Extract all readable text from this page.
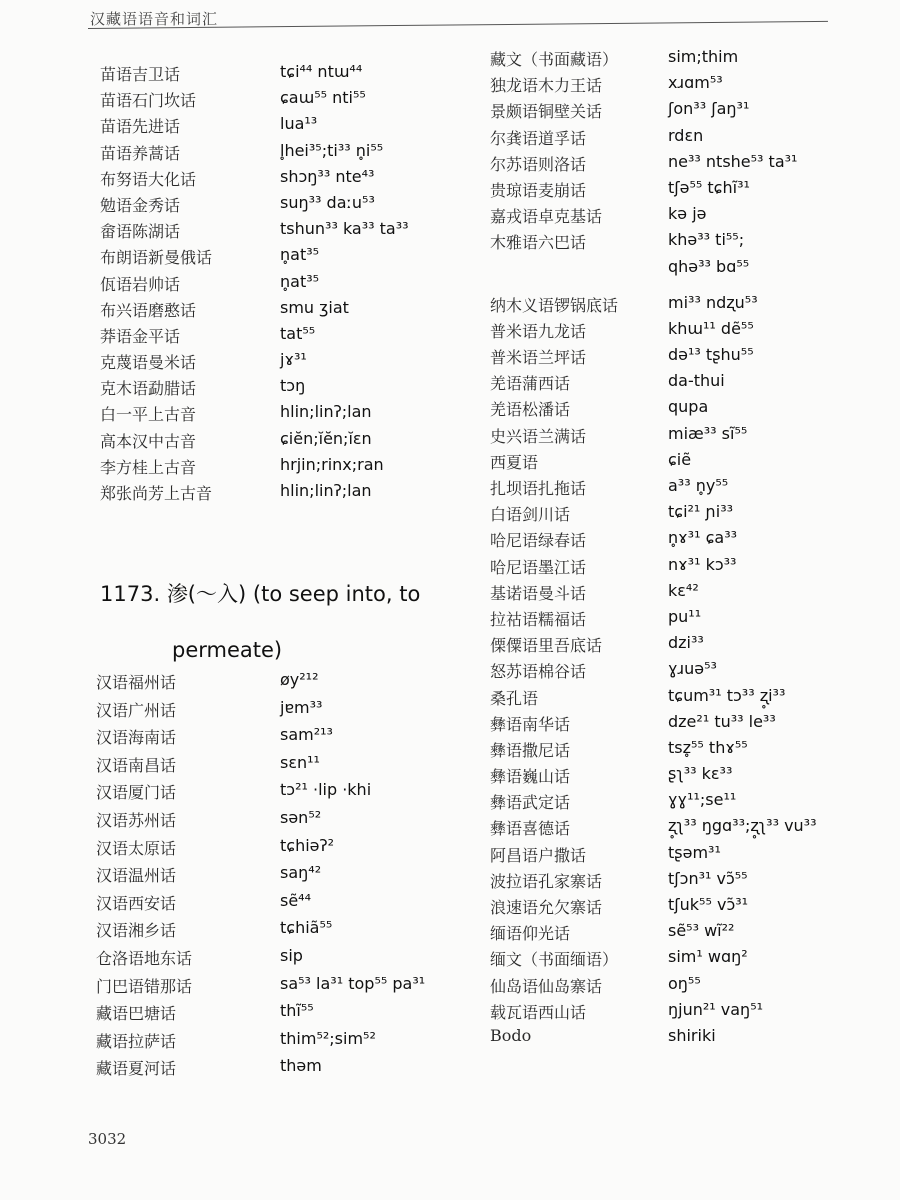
汉藏语语音和词汇
苗语吉卫话	tɕi⁴⁴ ntɯ⁴⁴
苗语石门坎话	ɕaɯ⁵⁵ nti⁵⁵
苗语先进话	lua¹³
苗语养蒿话	l̥hei³⁵;ti³³ n̥i⁵⁵
布努语大化话	shɔŋ³³ nte⁴³
勉语金秀话	suŋ³³ daːu⁵³
畲语陈湖话	tshun³³ ka³³ ta³³
布朗语新曼俄话	n̥at³⁵
佤语岩帅话	n̥at³⁵
布兴语磨憨话	smu ʒiat
莽语金平话	tat⁵⁵
克蔑语曼米话	jɤ³¹
克木语勐腊话	tɔŋ
白一平上古音	hlin;linʔ;lan
高本汉中古音	ɕiĕn;ĭĕn;ĭɛn
李方桂上古音	hrjin;rinx;ran
郑张尚芳上古音	hlin;linʔ;lan
1173. 渗(～入) (to seep into, to
permeate)
汉语福州话	øy²¹²
汉语广州话	jɐm³³
汉语海南话	sam²¹³
汉语南昌话	sɛn¹¹
汉语厦门话	tɔ²¹ ·lip ·khi
汉语苏州话	sən⁵²
汉语太原话	tɕhiəʔ²
汉语温州话	saŋ⁴²
汉语西安话	sẽ⁴⁴
汉语湘乡话	tɕhiã⁵⁵
仓洛语地东话	sip
门巴语错那话	sa⁵³ la³¹ top⁵⁵ pa³¹
藏语巴塘话	thĩ⁵⁵
藏语拉萨话	thim⁵²;sim⁵²
藏语夏河话	thəm
藏文（书面藏语）	sim;thim
独龙语木力王话	xɹɑm⁵³
景颇语铜壁关话	ʃon³³ ʃaŋ³¹
尔龚语道孚话	rdɛn
尔苏语则洛话	ne³³ ntshe⁵³ ta³¹
贵琼语麦崩话	tʃə⁵⁵ tɕhĩ³¹
嘉戎语卓克基话	kə jə
木雅语六巴话	khə³³ ti⁵⁵;
qhə³³ bɑ⁵⁵
纳木义语锣锅底话	mi³³ ndʐu⁵³
普米语九龙话	khɯ¹¹ dẽ⁵⁵
普米语兰坪话	də¹³ tʂhu⁵⁵
羌语蒲西话	da-thui
羌语松潘话	qupa
史兴语兰满话	miæ³³ sĩ⁵⁵
西夏语	ɕiẽ
扎坝语扎拖话	a³³ n̥y⁵⁵
白语剑川话	tɕi²¹ ɲi³³
哈尼语绿春话	n̥ɤ³¹ ɕa³³
哈尼语墨江话	nɤ³¹ kɔ³³
基诺语曼斗话	kɛ⁴²
拉祜语糯福话	pu¹¹
傈僳语里吾底话	dzi³³
怒苏语棉谷话	ɣɹuə⁵³
桑孔语	tɕum³¹ tɔ³³ ʐ̥i³³
彝语南华话	dze²¹ tu³³ le³³
彝语撒尼话	tsz̥⁵⁵ thɤ⁵⁵
彝语巍山话	ʂʅ³³ kɛ³³
彝语武定话	ɣɣ¹¹;se¹¹
彝语喜德话	ʐ̥ʅ³³ ŋgɑ³³;ʐ̥ʅ³³ vu³³
阿昌语户撒话	tʂəm³¹
波拉语孔家寨话	tʃɔn³¹ vɔ̃⁵⁵
浪速语允欠寨话	tʃuk⁵⁵ vɔ̃³¹
缅语仰光话	sẽ⁵³ wĩ²²
缅文（书面缅语）	sim¹ wɑŋ²
仙岛语仙岛寨话	oŋ⁵⁵
载瓦语西山话	ŋjun²¹ vaŋ⁵¹
Bodo	shiriki
3032
